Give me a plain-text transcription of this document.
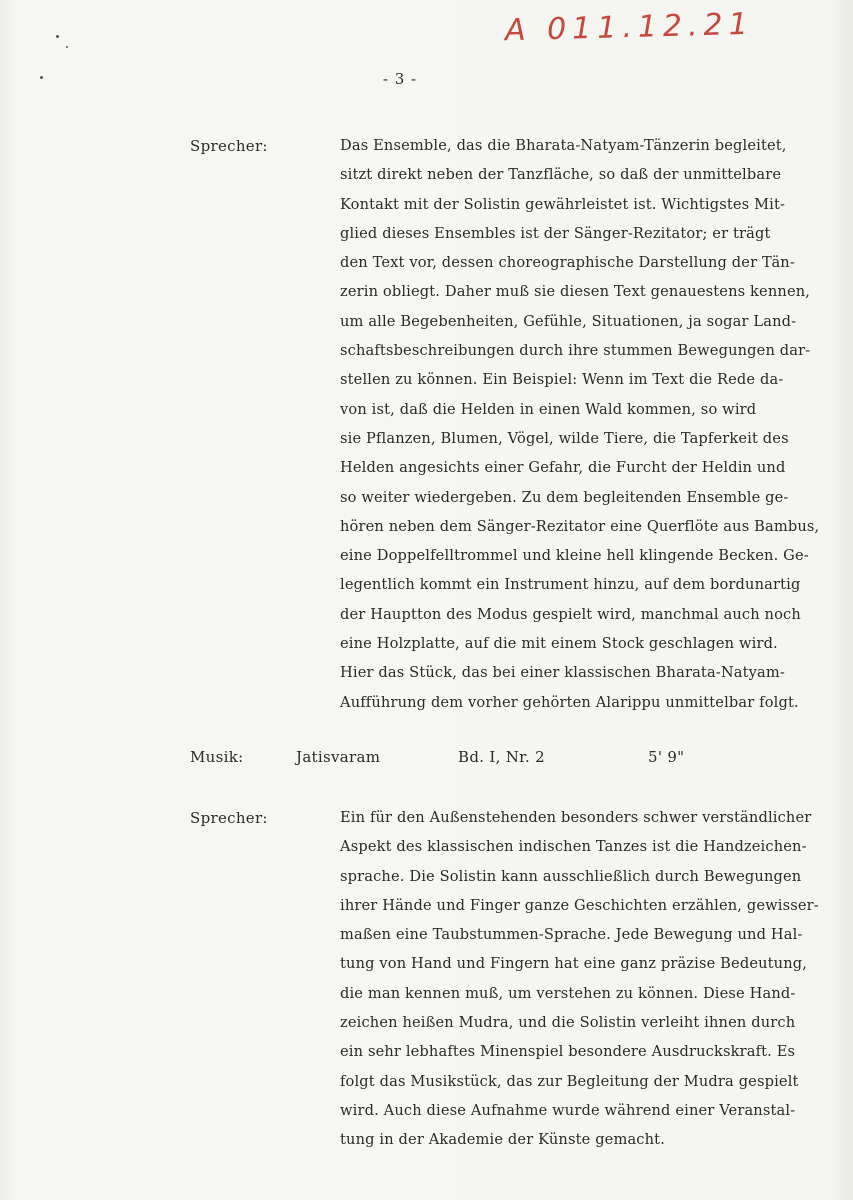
A 011.12.21
- 3 -
Sprecher:	Das Ensemble, das die Bharata-Natyam-Tänzerin begleitet,
sitzt direkt neben der Tanzfläche, so daß der unmittelbare
Kontakt mit der Solistin gewährleistet ist. Wichtigstes Mit-
glied dieses Ensembles ist der Sänger-Rezitator; er trägt
den Text vor, dessen choreographische Darstellung der Tän-
zerin obliegt. Daher muß sie diesen Text genauestens kennen,
um alle Begebenheiten, Gefühle, Situationen, ja sogar Land-
schaftsbeschreibungen durch ihre stummen Bewegungen dar-
stellen zu können. Ein Beispiel: Wenn im Text die Rede da-
von ist, daß die Helden in einen Wald kommen, so wird
sie Pflanzen, Blumen, Vögel, wilde Tiere, die Tapferkeit des
Helden angesichts einer Gefahr, die Furcht der Heldin und
so weiter wiedergeben. Zu dem begleitenden Ensemble ge-
hören neben dem Sänger-Rezitator eine Querflöte aus Bambus,
eine Doppelfelltrommel und kleine hell klingende Becken. Ge-
legentlich kommt ein Instrument hinzu, auf dem bordunartig
der Hauptton des Modus gespielt wird, manchmal auch noch
eine Holzplatte, auf die mit einem Stock geschlagen wird.
Hier das Stück, das bei einer klassischen Bharata-Natyam-
Aufführung dem vorher gehörten Alarippu unmittelbar folgt.
Musik:	Jatisvaram	Bd. I, Nr. 2	5' 9"
Sprecher:	Ein für den Außenstehenden besonders schwer verständlicher
Aspekt des klassischen indischen Tanzes ist die Handzeichen-
sprache. Die Solistin kann ausschließlich durch Bewegungen
ihrer Hände und Finger ganze Geschichten erzählen, gewisser-
maßen eine Taubstummen-Sprache. Jede Bewegung und Hal-
tung von Hand und Fingern hat eine ganz präzise Bedeutung,
die man kennen muß, um verstehen zu können. Diese Hand-
zeichen heißen Mudra, und die Solistin verleiht ihnen durch
ein sehr lebhaftes Minenspiel besondere Ausdruckskraft. Es
folgt das Musikstück, das zur Begleitung der Mudra gespielt
wird. Auch diese Aufnahme wurde während einer Veranstal-
tung in der Akademie der Künste gemacht.
